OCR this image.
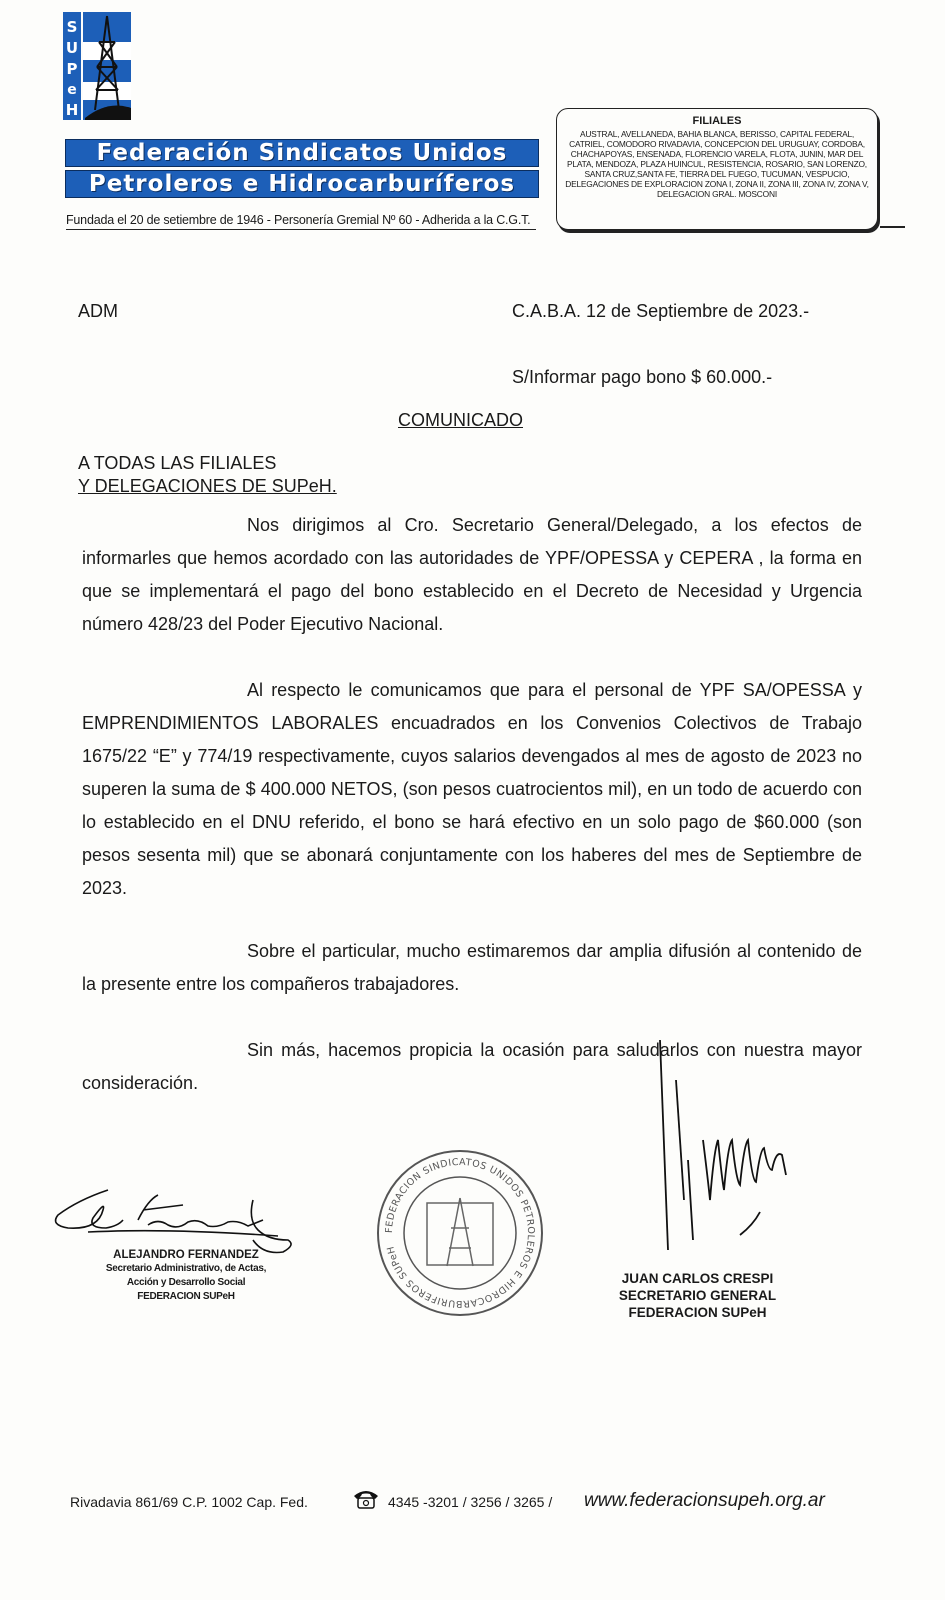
S
U
P
e
H
Federación Sindicatos Unidos
Petroleros e Hidrocarburíferos
Fundada el 20 de setiembre de 1946 - Personería Gremial Nº 60 - Adherida a la C.G.T.
FILIALES
AUSTRAL, AVELLANEDA, BAHIA BLANCA, BERISSO, CAPITAL FEDERAL, CATRIEL, COMODORO RIVADAVIA, CONCEPCION DEL URUGUAY, CORDOBA, CHACHAPOYAS, ENSENADA, FLORENCIO VARELA, FLOTA, JUNIN, MAR DEL PLATA, MENDOZA, PLAZA HUINCUL, RESISTENCIA, ROSARIO, SAN LORENZO, SANTA CRUZ,SANTA FE, TIERRA DEL FUEGO, TUCUMAN, VESPUCIO, DELEGACIONES DE EXPLORACION ZONA I, ZONA II, ZONA III, ZONA IV, ZONA V, DELEGACION GRAL. MOSCONI
ADM	C.A.B.A. 12 de Septiembre de 2023.-
S/Informar pago bono $ 60.000.-
COMUNICADO
A TODAS LAS FILIALES
Y DELEGACIONES DE SUPeH.

Nos dirigimos al Cro. Secretario General/Delegado, a los efectos de informarles que hemos acordado con las autoridades de YPF/OPESSA y CEPERA , la forma en que se implementará el pago del bono establecido en el Decreto de Necesidad y Urgencia número 428/23 del Poder Ejecutivo Nacional.

Al respecto le comunicamos que para el personal de YPF SA/OPESSA y EMPRENDIMIENTOS LABORALES encuadrados en los Convenios Colectivos de Trabajo 1675/22 “E” y 774/19 respectivamente, cuyos salarios devengados al mes de agosto de 2023 no superen la suma de $ 400.000 NETOS, (son pesos cuatrocientos mil), en un todo de acuerdo con lo establecido en el DNU referido, el bono se hará efectivo en un solo pago de $60.000 (son pesos sesenta mil) que se abonará conjuntamente con los haberes del mes de Septiembre de 2023.

Sobre el particular, mucho estimaremos dar amplia difusión al contenido de la presente entre los compañeros trabajadores.

Sin más, hacemos propicia la ocasión para saludarlos con nuestra mayor consideración.

ALEJANDRO FERNANDEZ
Secretario Administrativo, de Actas,
Acción y Desarrollo Social
FEDERACION SUPeH
FEDERACION SINDICATOS UNIDOS PETROLEROS E HIDROCARBURIFEROS SUPeH
JUAN CARLOS CRESPI
SECRETARIO GENERAL
FEDERACION SUPeH
Rivadavia 861/69 C.P. 1002 Cap. Fed.	4345 -3201 / 3256 / 3265 / www.federacionsupeh.org.ar
